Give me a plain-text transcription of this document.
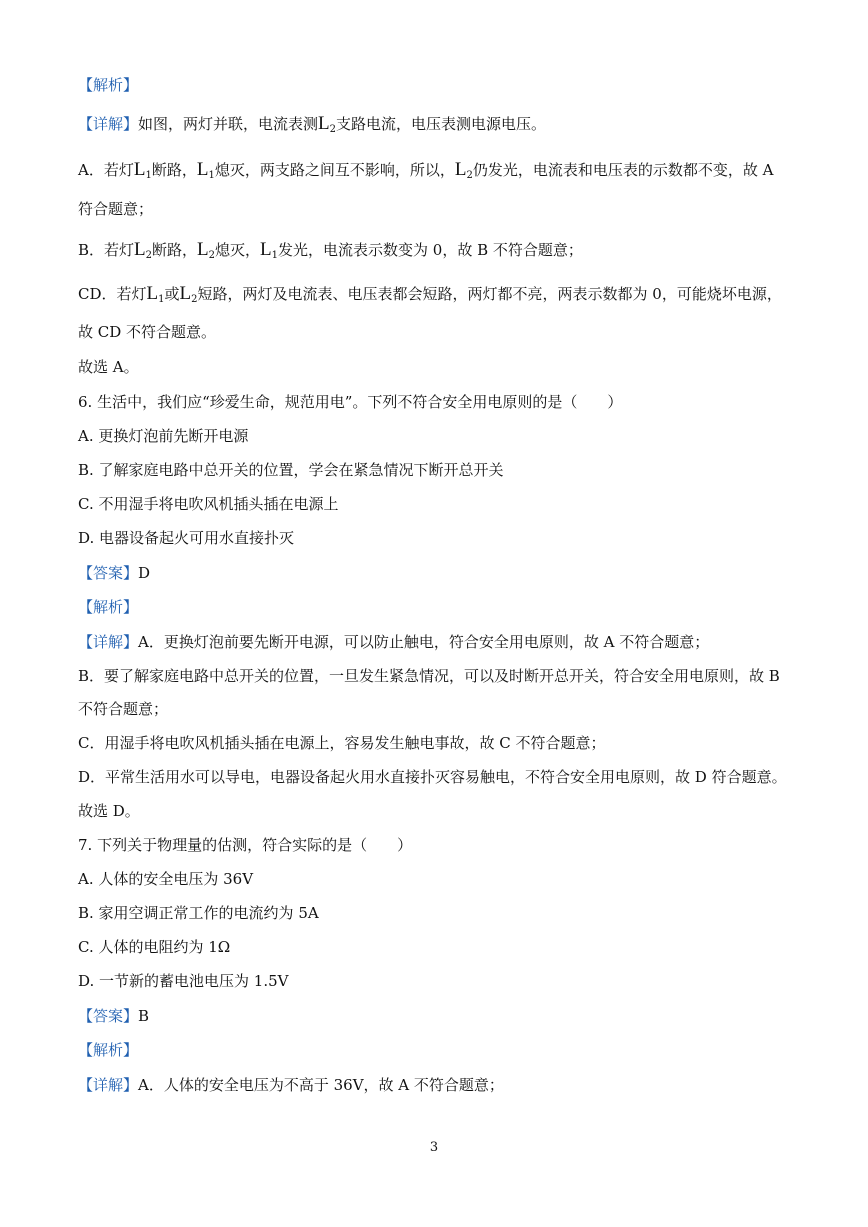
【解析】
【详解】如图，两灯并联，电流表测$L_2$支路电流，电压表测电源电压。
A．若灯$L_1$断路，$L_1$熄灭，两支路之间互不影响，所以，$L_2$仍发光，电流表和电压表的示数都不变，故 A
符合题意；
B．若灯$L_2$断路，$L_2$熄灭，$L_1$发光，电流表示数变为 0，故 B 不符合题意；
CD．若灯$L_1$或$L_2$短路，两灯及电流表、电压表都会短路，两灯都不亮，两表示数都为 0，可能烧坏电源，
故 CD 不符合题意。
故选 A。
6. 生活中，我们应“珍爱生命，规范用电”。下列不符合安全用电原则的是（　　）
A. 更换灯泡前先断开电源
B. 了解家庭电路中总开关的位置，学会在紧急情况下断开总开关
C. 不用湿手将电吹风机插头插在电源上
D. 电器设备起火可用水直接扑灭
【答案】D
【解析】
【详解】A．更换灯泡前要先断开电源，可以防止触电，符合安全用电原则，故 A 不符合题意；
B．要了解家庭电路中总开关的位置，一旦发生紧急情况，可以及时断开总开关，符合安全用电原则，故 B
不符合题意；
C．用湿手将电吹风机插头插在电源上，容易发生触电事故，故 C 不符合题意；
D．平常生活用水可以导电，电器设备起火用水直接扑灭容易触电，不符合安全用电原则，故 D 符合题意。
故选 D。
7. 下列关于物理量的估测，符合实际的是（　　）
A. 人体的安全电压为 36V
B. 家用空调正常工作的电流约为 5A
C. 人体的电阻约为 1Ω
D. 一节新的蓄电池电压为 1.5V
【答案】B
【解析】
【详解】A．人体的安全电压为不高于 36V，故 A 不符合题意；
3
